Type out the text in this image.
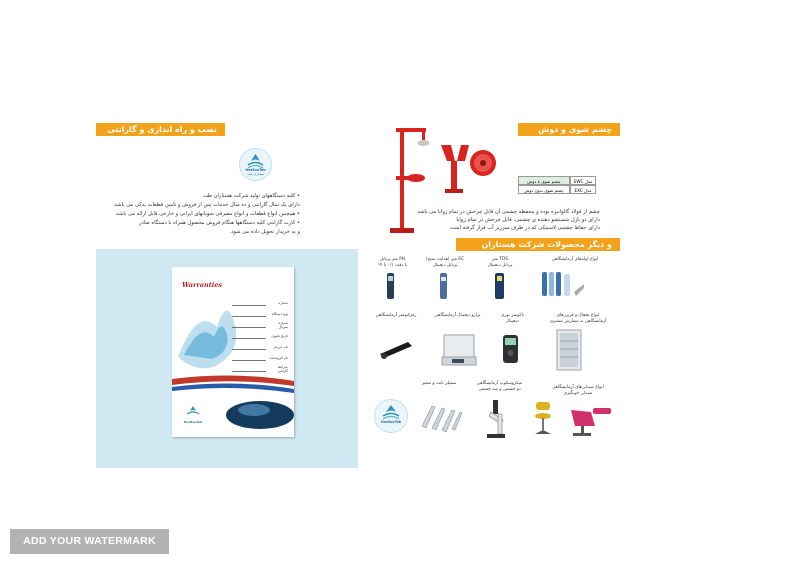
نصب و راه اندازی و گارانتی
HezSooTeb
هستاران طب
• کلیه دستگاههای تولید شرکت هستاران طب
دارای یک سال گارانتی و ده سال خدمات پس از فروش و تأمین قطعات یدکی می باشد.
• همچنین انواع قطعات و انواع مصرفی شویانهای ایرانی و خارجی قابل ارائه می باشد.
• کارت گارانتی کلیه دستگاهها هنگام فروش محصول همراه با دستگاه صادر
و به خریدار تحویل داده می شود.
Warranties
شماره
نوع دستگاه
شماره سریال
تاریخ تحویل
نام خریدار
نام فروشنده
شرایط گارانتی
HezSooTeb
چشم شوی و دوش
مدل EWC
چشم شوی با دوش
مدل EXC
چشم شوی بدون دوش
چشم از فولاد گالوانیزه بوده و محفظه چشمی آن قابل چرخش در تمام زوایا می باشد
دارای دو نازل شستشو دهنده ی چشمی، قابل چرخش در تمام زوایا
دارای حفاظ چشمی لاستیکی که در ظرف سرریز آب قرار گرفته است
و دیگر محصولات شرکت هستاران طب
انواع لوله‌های آزمایشگاهی
TDS متر
پرتابل دیجیتال
EC متر (هدایت سنج)
پرتابل دیجیتال
PH متر پرتابل
با دقت ۰/۱ تا ۱۴
انواع یخچال و فریزرهای
آزمایشگاهی به سفارش مشتری
تاکومتر نوری
دیجیتال
ترازو دیجیتال آزمایشگاهی
رفرکتومتر آزمایشگاهی
انواع صندلی‌های آزمایشگاهی
صندلی خونگیری
میکروسکوپ آزمایشگاهی
دو چشمی و سه چشمی
سمپلر ثابت و متغیر
HezSooTeb
ADD YOUR WATERMARK
